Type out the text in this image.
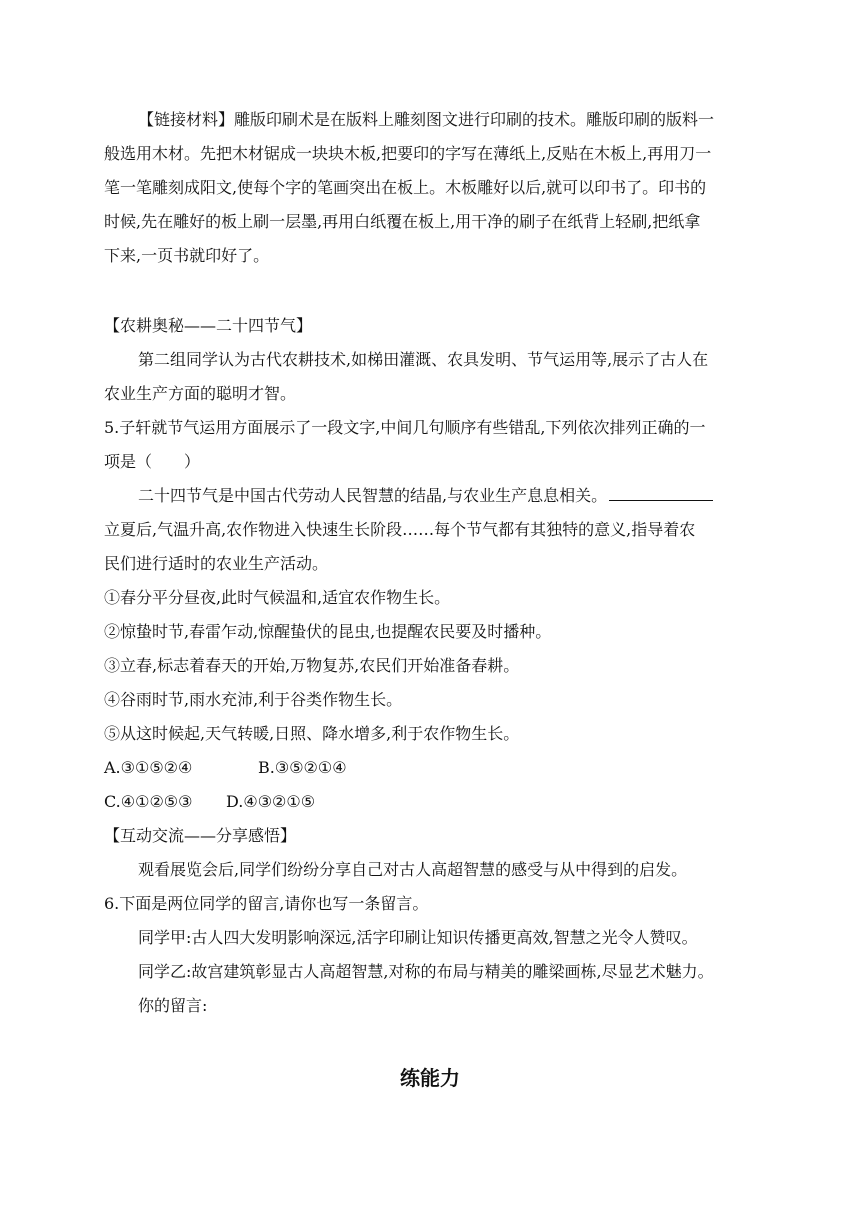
【链接材料】雕版印刷术是在版料上雕刻图文进行印刷的技术。雕版印刷的版料一
般选用木材。先把木材锯成一块块木板,把要印的字写在薄纸上,反贴在木板上,再用刀一
笔一笔雕刻成阳文,使每个字的笔画突出在板上。木板雕好以后,就可以印书了。印书的
时候,先在雕好的板上刷一层墨,再用白纸覆在板上,用干净的刷子在纸背上轻刷,把纸拿
下来,一页书就印好了。
【农耕奥秘——二十四节气】
第二组同学认为古代农耕技术,如梯田灌溉、农具发明、节气运用等,展示了古人在
农业生产方面的聪明才智。
5.子轩就节气运用方面展示了一段文字,中间几句顺序有些错乱,下列依次排列正确的一
项是（　　）
二十四节气是中国古代劳动人民智慧的结晶,与农业生产息息相关。
立夏后,气温升高,农作物进入快速生长阶段……每个节气都有其独特的意义,指导着农
民们进行适时的农业生产活动。
①春分平分昼夜,此时气候温和,适宜农作物生长。
②惊蛰时节,春雷乍动,惊醒蛰伏的昆虫,也提醒农民要及时播种。
③立春,标志着春天的开始,万物复苏,农民们开始准备春耕。
④谷雨时节,雨水充沛,利于谷类作物生长。
⑤从这时候起,天气转暖,日照、降水增多,利于农作物生长。
A.③①⑤②④	B.③⑤②①④
C.④①②⑤③ D.④③②①⑤
【互动交流——分享感悟】
观看展览会后,同学们纷纷分享自己对古人高超智慧的感受与从中得到的启发。
6.下面是两位同学的留言,请你也写一条留言。
同学甲:古人四大发明影响深远,活字印刷让知识传播更高效,智慧之光令人赞叹。
同学乙:故宫建筑彰显古人高超智慧,对称的布局与精美的雕梁画栋,尽显艺术魅力。
你的留言:
练能力
